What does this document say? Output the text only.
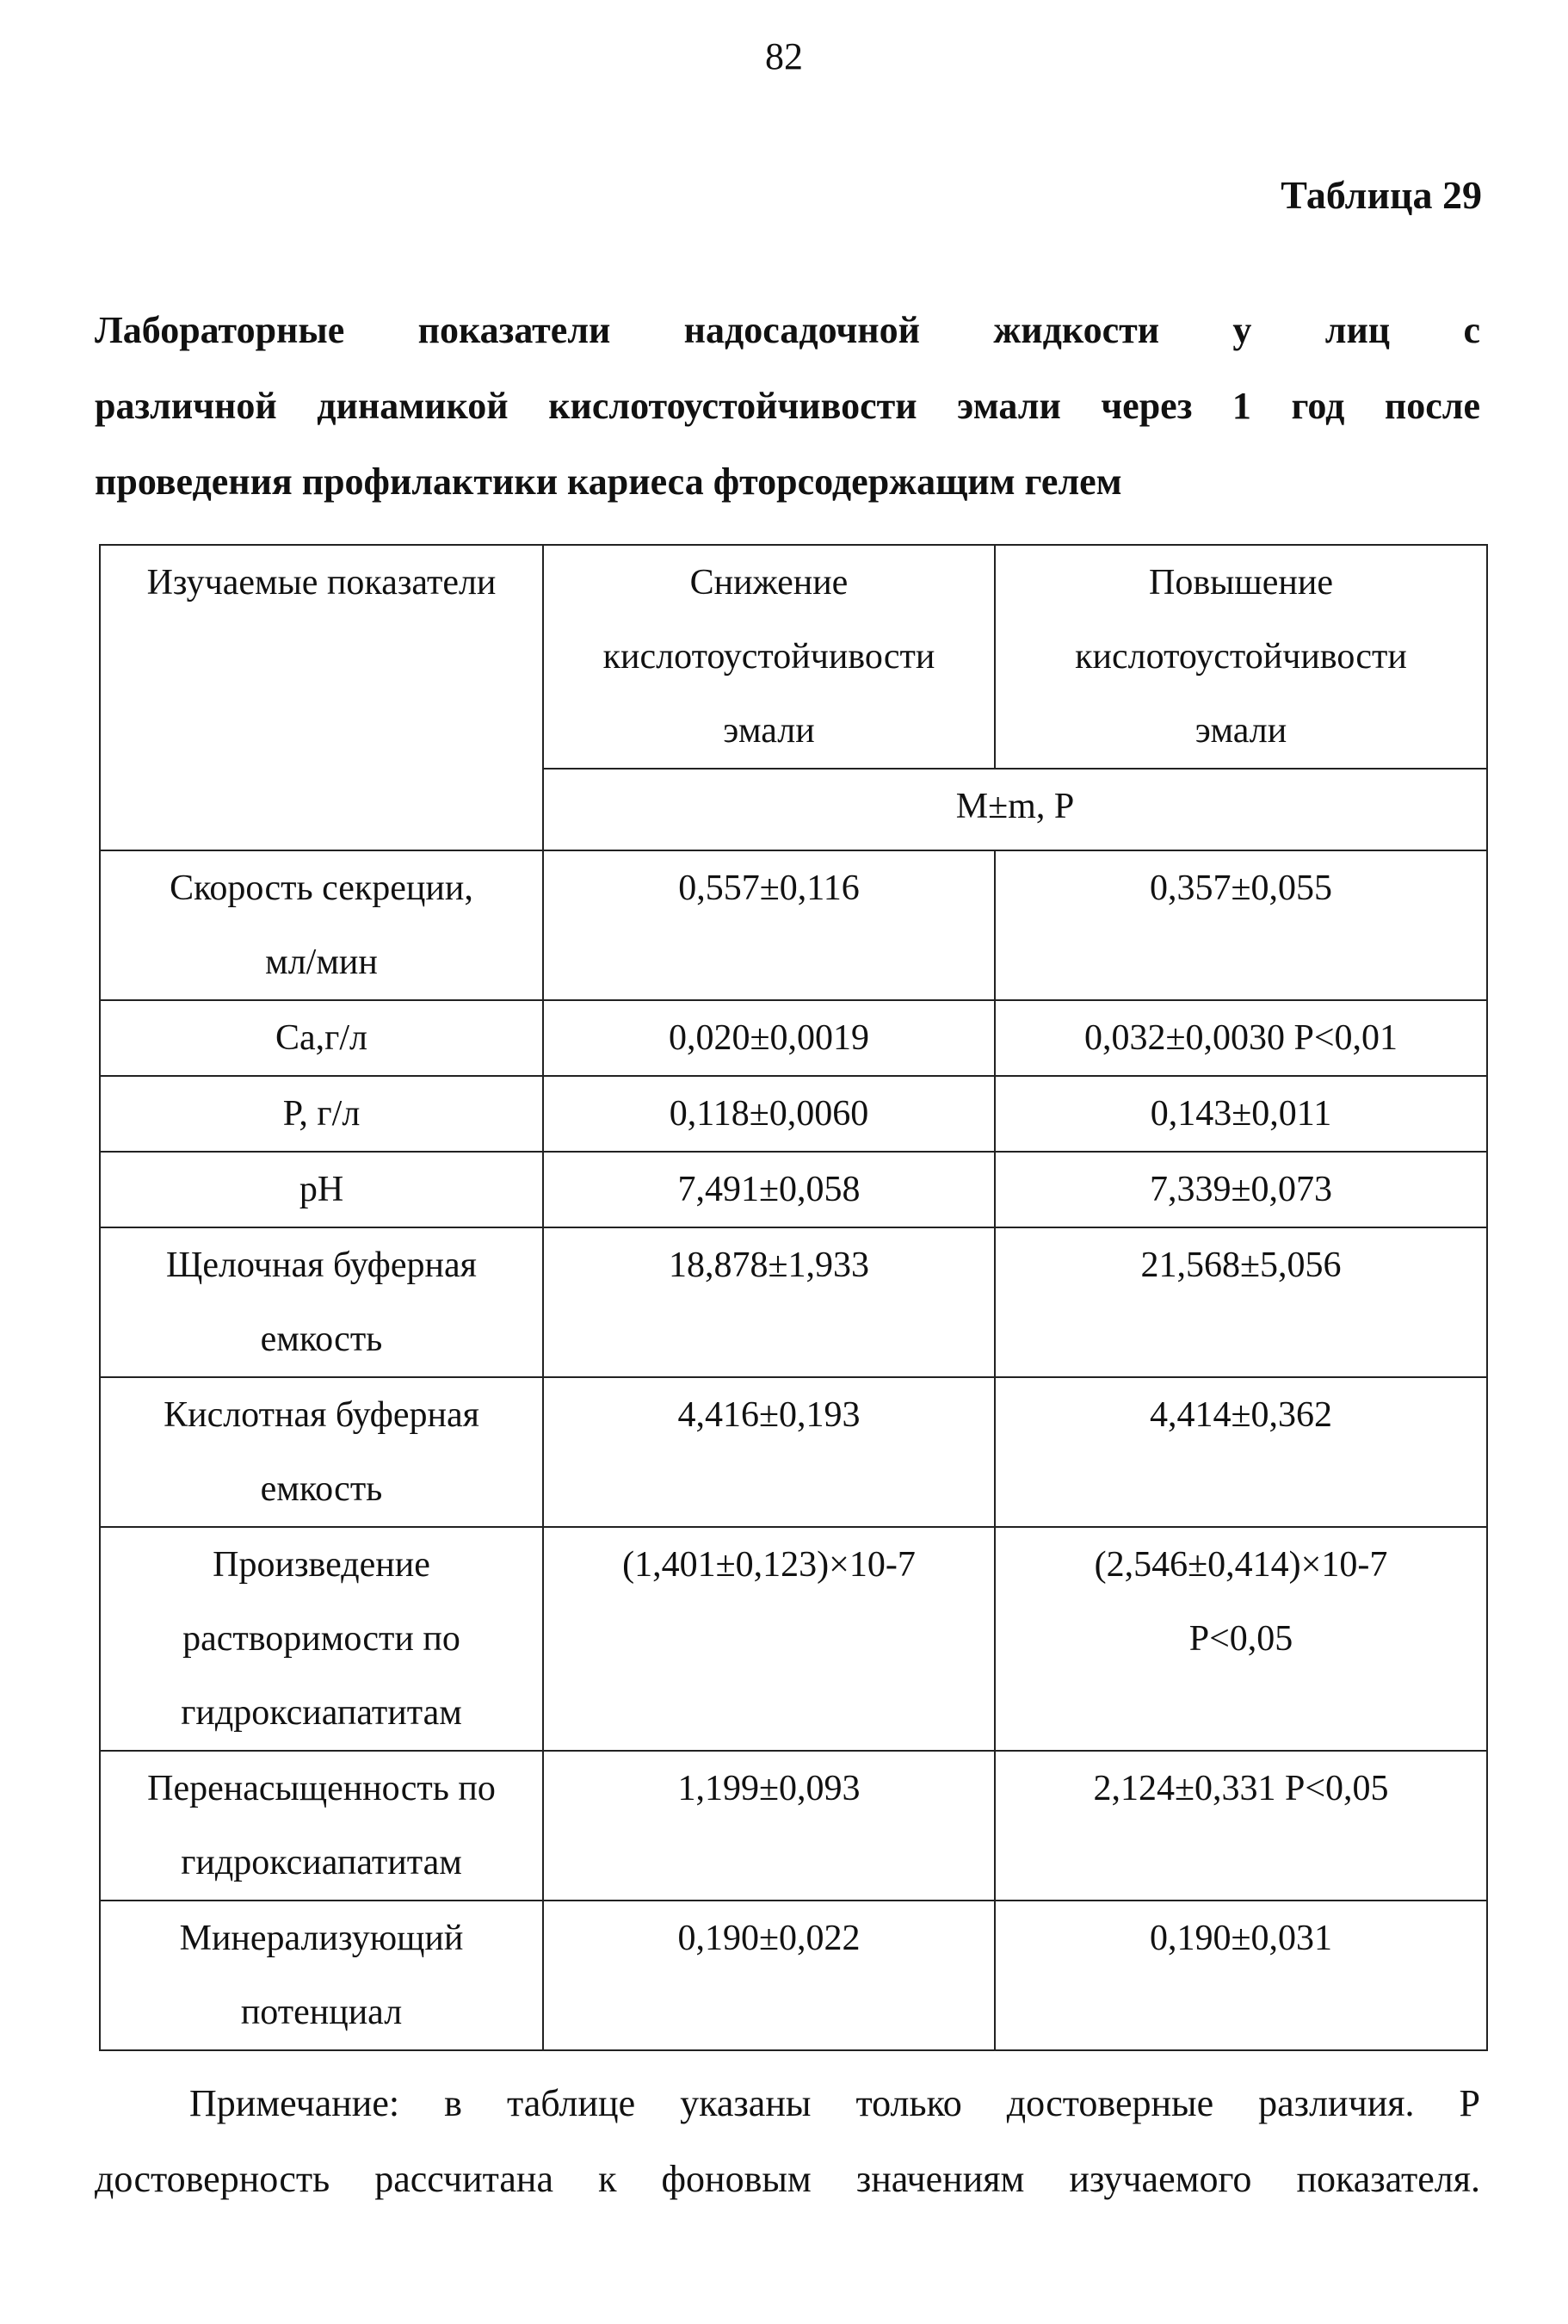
82
Таблица 29
Лабораторные показатели надосадочной жидкости у лиц с
различной динамикой кислотоустойчивости эмали через 1 год после
проведения профилактики кариеса фторсодержащим гелем
Изучаемые показатели	Снижение
кислотоустойчивости
эмали	Повышение
кислотоустойчивости
эмали

	M±m, P	

Скорость секреции,
мл/мин	0,557±0,116	0,357±0,055

Ca,г/л	0,020±0,0019	0,032±0,0030 P<0,01

P, г/л	0,118±0,0060	0,143±0,011

pH	7,491±0,058	7,339±0,073

Щелочная буферная
емкость	18,878±1,933	21,568±5,056

Кислотная буферная
емкость	4,416±0,193	4,414±0,362

Произведение
растворимости по
гидроксиапатитам	(1,401±0,123)×10-7	(2,546±0,414)×10-7
P<0,05

Перенасыщенность по
гидроксиапатитам	1,199±0,093	2,124±0,331 P<0,05

Минерализующий
потенциал	0,190±0,022	0,190±0,031
Примечание: в таблице указаны только достоверные различия. Р
достоверность рассчитана к фоновым значениям изучаемого показателя.
